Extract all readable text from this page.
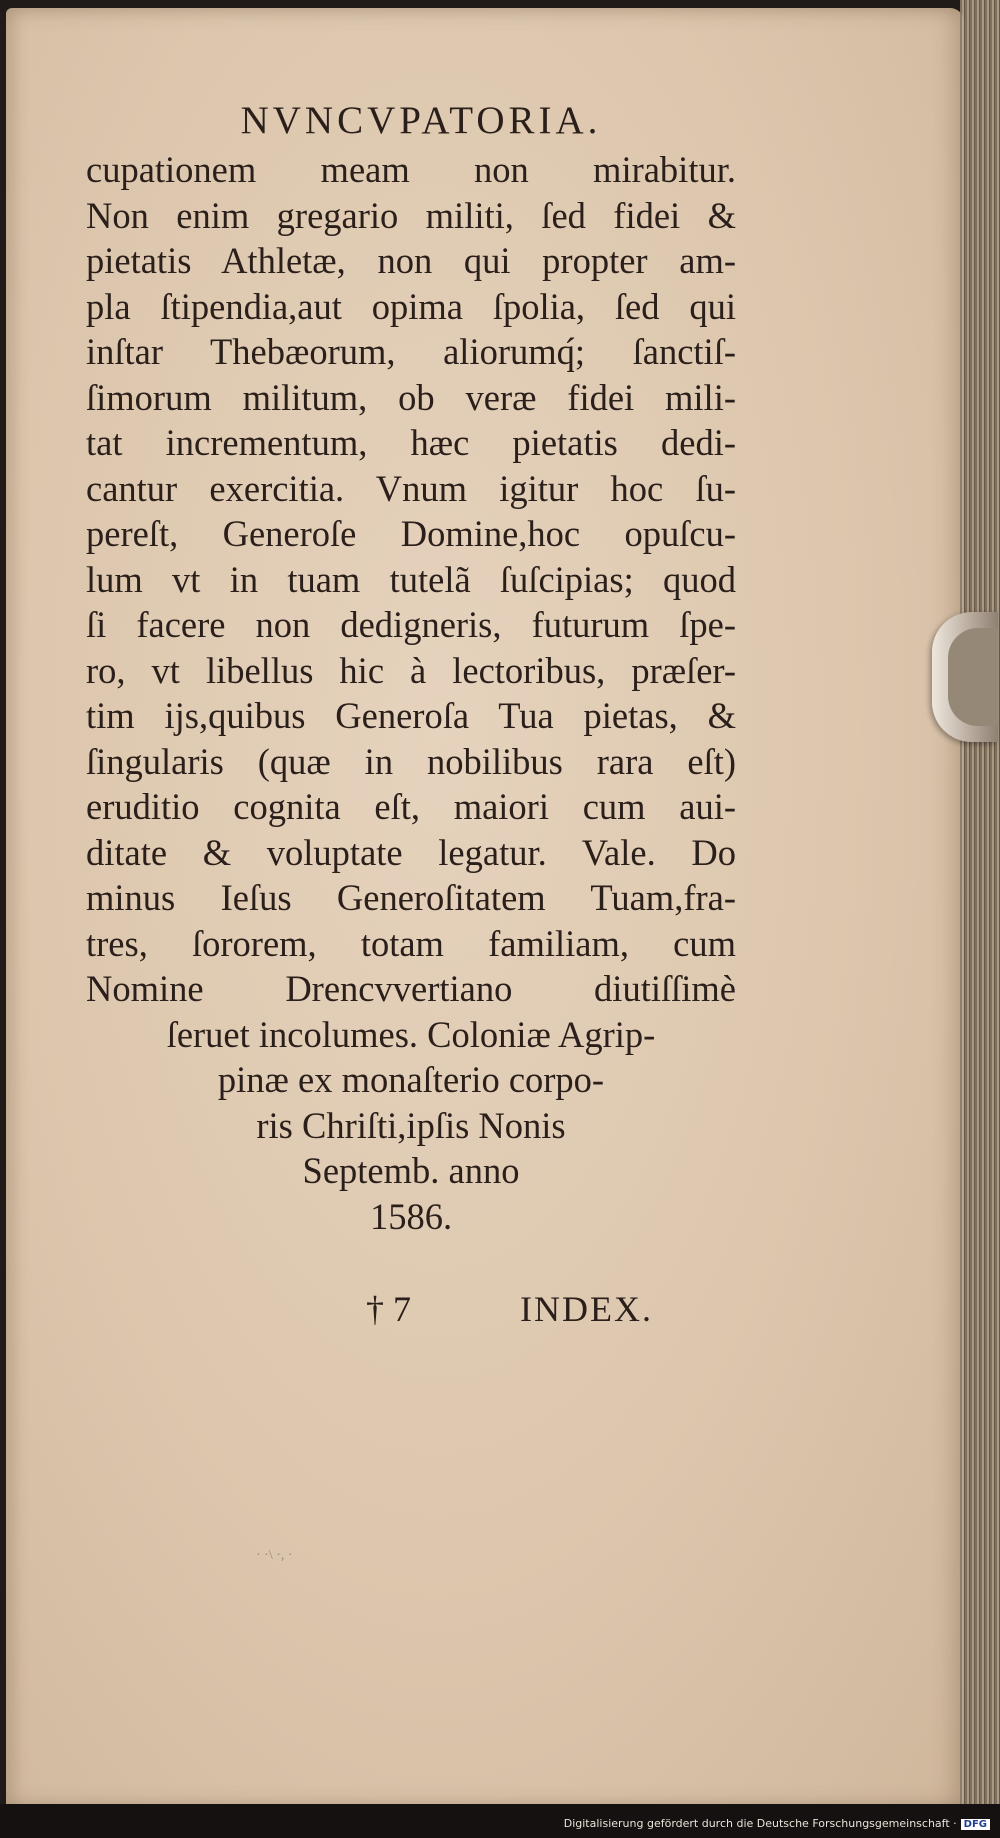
NVNCVPATORIA.
cupationem meam non mirabitur.
Non enim gregario militi, ſed fidei &
pietatis Athletæ, non qui propter am-
pla ſtipendia,aut opima ſpolia, ſed qui
inſtar Thebæorum, aliorumq́; ſanctiſ-
ſimorum militum, ob veræ fidei mili-
tat incrementum, hæc pietatis dedi-
cantur exercitia. Vnum igitur hoc ſu-
pereſt, Generoſe Domine,hoc opuſcu-
lum vt in tuam tutelã ſuſcipias; quod
ſi facere non dedigneris, futurum ſpe-
ro, vt libellus hic à lectoribus, præſer-
tim ijs,quibus Generoſa Tua pietas, &
ſingularis (quæ in nobilibus rara eſt)
eruditio cognita eſt, maiori cum aui-
ditate & voluptate legatur. Vale. Do
minus Ieſus Generoſitatem Tuam,fra-
tres, ſororem, totam familiam, cum
Nomine Drencvvertiano diutiſſimè
ſeruet incolumes. Coloniæ Agrip-
pinæ ex monaſterio corpo-
ris Chriſti,ipſis Nonis
Septemb. anno
1586.
† 7	INDEX.
· ·\ ·, ·
Digitalisierung gefördert durch die Deutsche Forschungsgemeinschaft · DFG
